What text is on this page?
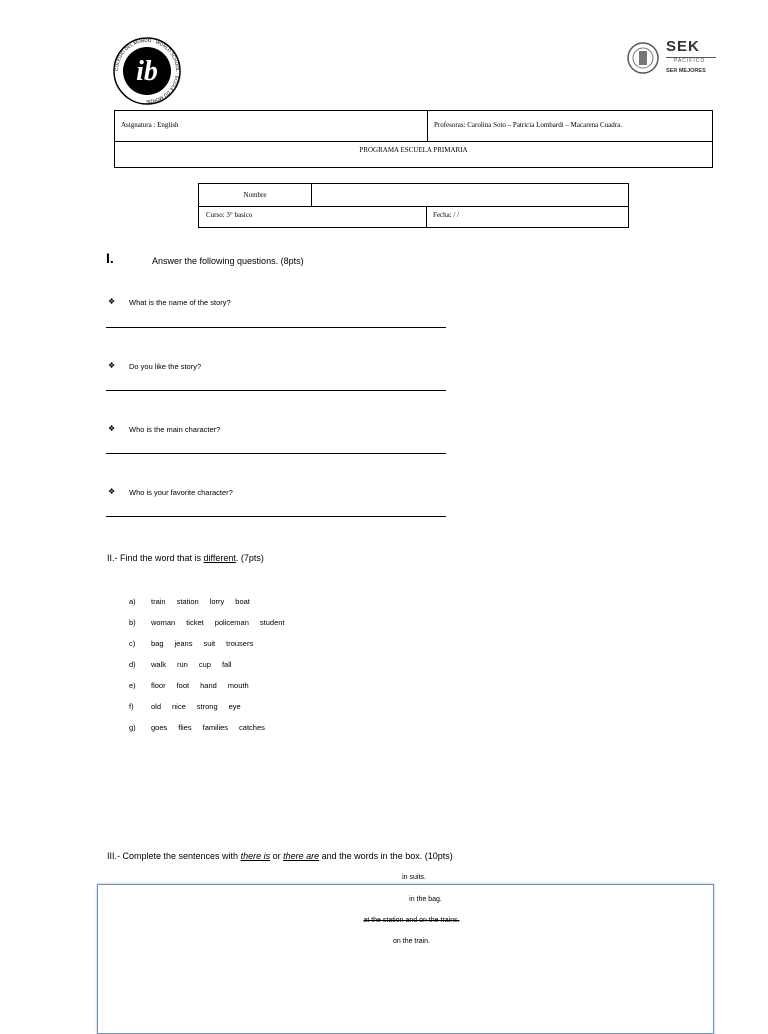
ib
COLEGIO DEL MUNDO · WORLD SCHOOL · ÉCOLE DU MONDE
SEK
PACIFICO
SER MEJORES
Asignatura : English	Profesoras: Carolina Soto – Patricia Lombardi – Macarena Cuadra.
PROGRAMA ESCUELA PRIMARIA
Nombre
Curso: 3° basico	Fecha: / /
I.	Answer the following questions. (8pts)
❖ What is the name of the story?
❖ Do you like the story?
❖ Who is the main character?
❖ Who is your favorite character?
II.- Find the word that is different. (7pts)
a) train station lorry boat
b) woman ticket policeman student
c) bag jeans suit trousers
d) walk run cup fall
e) floor foot hand mouth
f) old nice strong eye
g) goes flies families catches
III.- Complete the sentences with there is or there are and the words in the box. (10pts)
in suits.
in the bag.
at the station and on the trains.
on the train.
